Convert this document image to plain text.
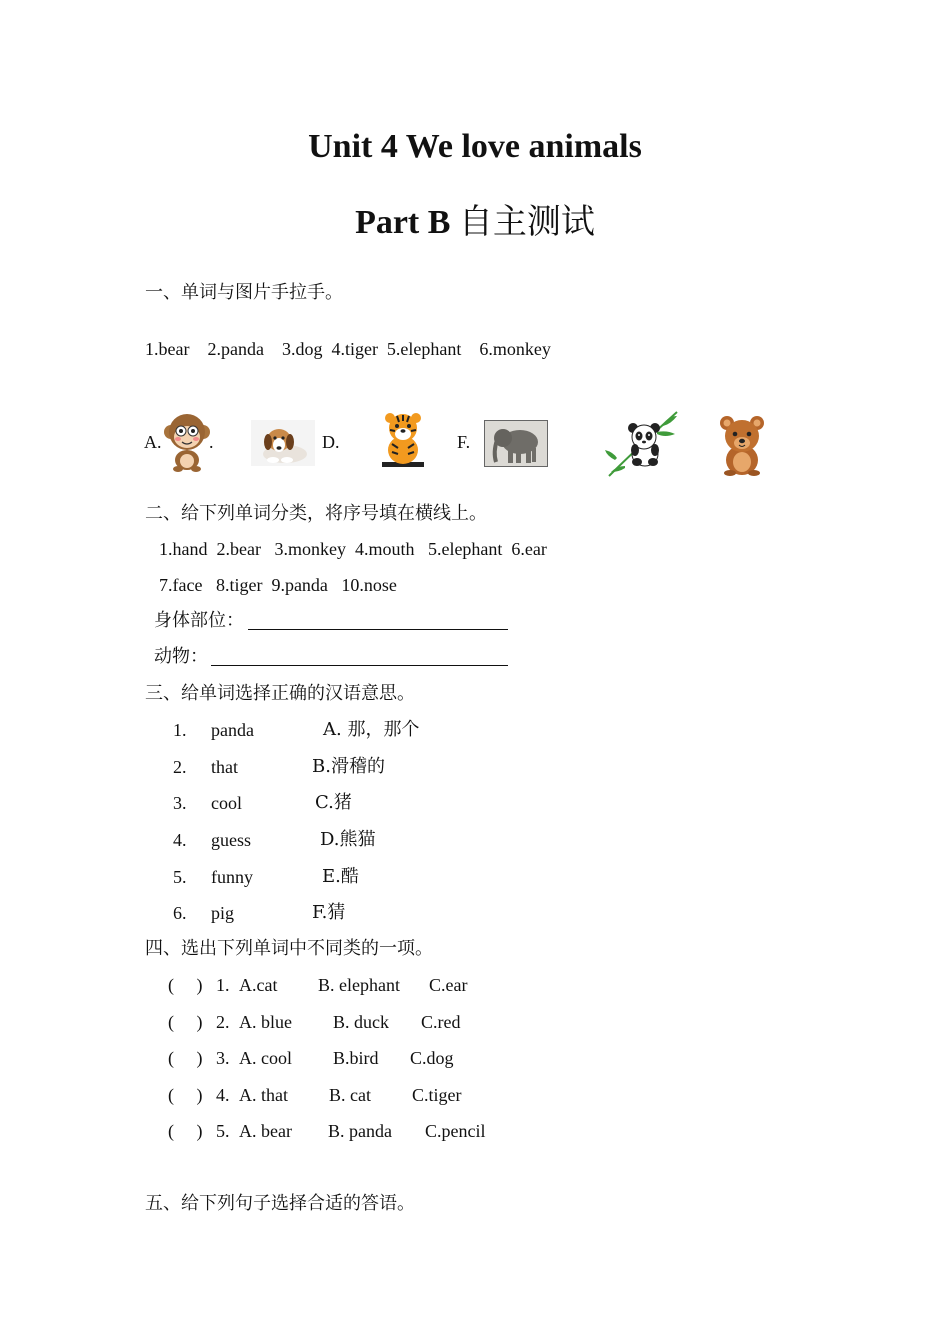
Unit 4 We love animals
Part B 自主测试
一、单词与图片手拉手。
1.bear    2.panda    3.dog  4.tiger  5.elephant    6.monkey
A.	.	D.	F.
二、给下列单词分类，将序号填在横线上。
1.hand  2.bear   3.monkey  4.mouth   5.elephant  6.ear
7.face   8.tiger  9.panda   10.nose
身体部位：
动物：
三、给单词选择正确的汉语意思。
1. panda	A. 那，那个
2. that	B.滑稽的
3. cool	C.猪
4. guess	D.熊猫
5. funny	E.酷
6. pig	F.猜
四、选出下列单词中不同类的一项。
(     ) 1. A.cat B. elephant C.ear
(     ) 2. A. blue B. duck C.red
(     ) 3. A. cool B.bird C.dog
(     ) 4. A. that B. cat C.tiger
(     ) 5. A. bear B. panda C.pencil
五、给下列句子选择合适的答语。
